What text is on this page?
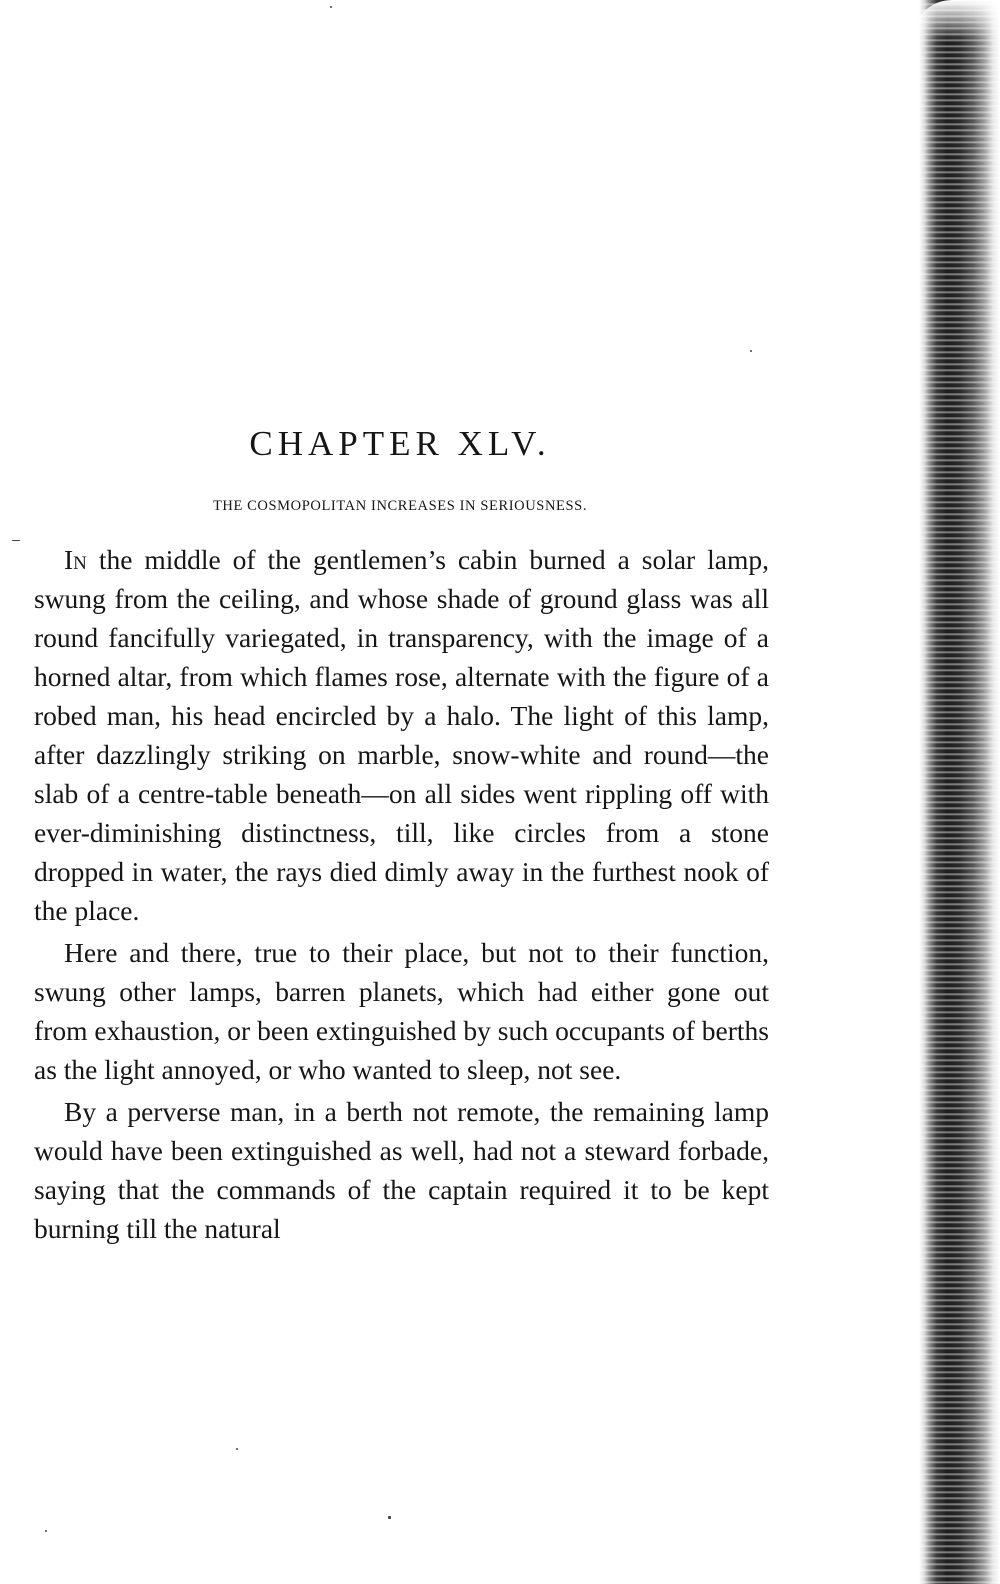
CHAPTER XLV.
THE COSMOPOLITAN INCREASES IN SERIOUSNESS.

In the middle of the gentlemen’s cabin burned a solar lamp, swung from the ceiling, and whose shade of ground glass was all round fancifully variegated, in transparency, with the image of a horned altar, from which flames rose, alternate with the figure of a robed man, his head encircled by a halo. The light of this lamp, after dazzlingly striking on marble, snow-white and round—the slab of a centre-table beneath—on all sides went rippling off with ever-diminishing distinctness, till, like circles from a stone dropped in water, the rays died dimly away in the furthest nook of the place.

Here and there, true to their place, but not to their function, swung other lamps, barren planets, which had either gone out from exhaustion, or been extinguished by such occupants of berths as the light annoyed, or who wanted to sleep, not see.

By a perverse man, in a berth not remote, the remaining lamp would have been extinguished as well, had not a steward forbade, saying that the commands of the captain required it to be kept burning till the natural
